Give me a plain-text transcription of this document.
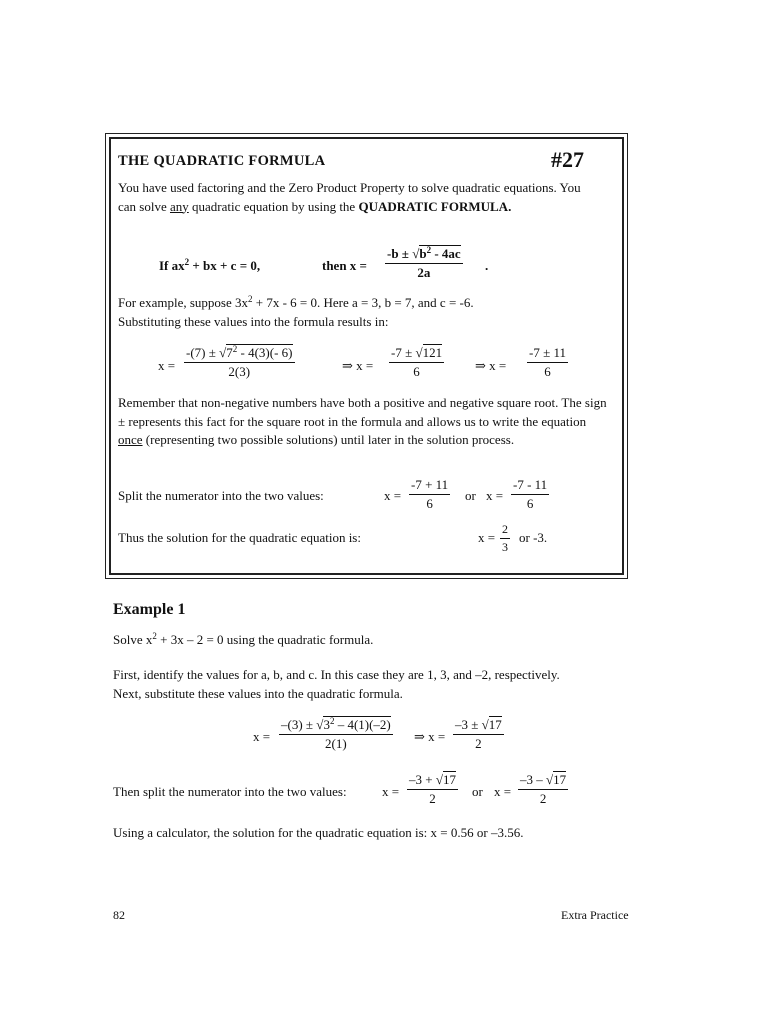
THE QUADRATIC FORMULA	#27
You have used factoring and the Zero Product Property to solve quadratic equations. You can solve any quadratic equation by using the QUADRATIC FORMULA.
If $ax^2$ + bx + c = 0,	then $x = \frac{-b \pm √b^2 - 4ac}{2a}$ .
For example, suppose $3x^2 + 7x - 6 = 0$. Here a = 3, b = 7, and c = -6.
Substituting these values into the formula results in:
$x = \frac{-(7) \pm √7^2 - 4(3)(- 6)}{2(3)}$	⇒ $x = \frac{-7 \pm √121}{6}$ ⇒ $x = \frac{-7 \pm 11}{6}$
Remember that non-negative numbers have both a positive and negative square root. The sign ± represents this fact for the square root in the formula and allows us to write the equation once (representing two possible solutions) until later in the solution process.
Split the numerator into the two values:	$x = \frac{-7 + 11}{6}$ or $x = \frac{-7 - 11}{6}$
Thus the solution for the quadratic equation is:	$x = \frac{2}{3}$ or -3.
Example 1
Solve $x^2 + 3x - 2 = 0$ using the quadratic formula.
First, identify the values for a, b, and c. In this case they are 1, 3, and –2, respectively.
Next, substitute these values into the quadratic formula.
$x = \frac{-(3) \pm √3^2 - 4(1)(-2)}{2(1)}$ ⇒ $x = \frac{-3 \pm √17}{2}$
Then split the numerator into the two values:	$x = \frac{-3 + √17}{2}$ or $x = \frac{-3 - √17}{2}$
Using a calculator, the solution for the quadratic equation is: x = 0.56 or –3.56.
82	Extra Practice
